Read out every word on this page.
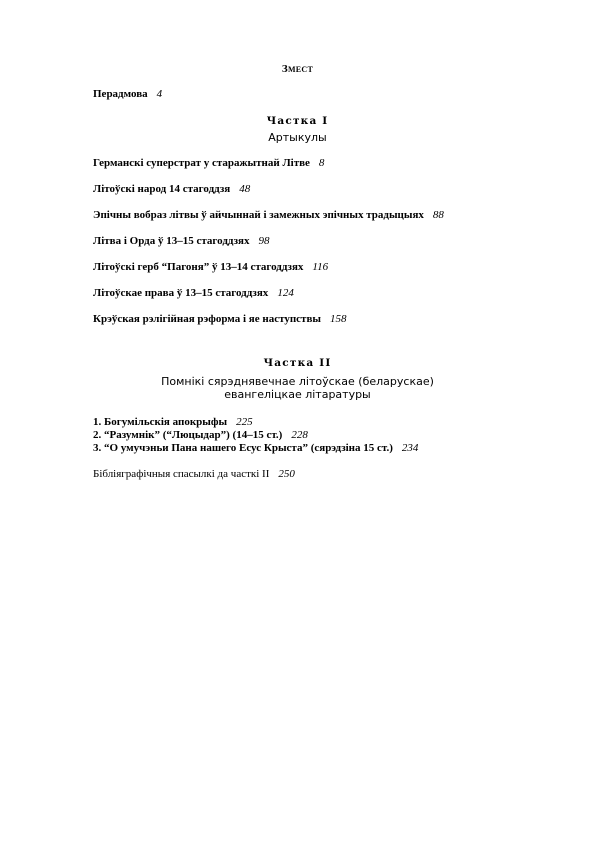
Змест
Перадмова 4
Частка I
Артыкулы
Германскі суперстрат у старажытнай Літве 8
Літоўскі народ 14 стагоддзя 48
Эпічны вобраз літвы ў айчыннай і замежных эпічных традыцыях 88
Літва і Орда ў 13–15 стагоддзях 98
Літоўскі герб “Пагоня” ў 13–14 стагоддзях 116
Літоўскае права ў 13–15 стагоддзях 124
Крэўская рэлігійная рэформа і яе наступствы 158
Частка II
Помнікі сярэднявечнае літоўскае (беларускае)
евангеліцкае літаратуры
1. Богумільскія апокрыфы 225
2. “Разумнік” (“Люцыдар”) (14–15 ст.) 228
3. “О умучэньи Пана нашего Есус Крыста” (сярэдзіна 15 ст.) 234
Бібліяграфічныя спасылкі да часткі II 250
